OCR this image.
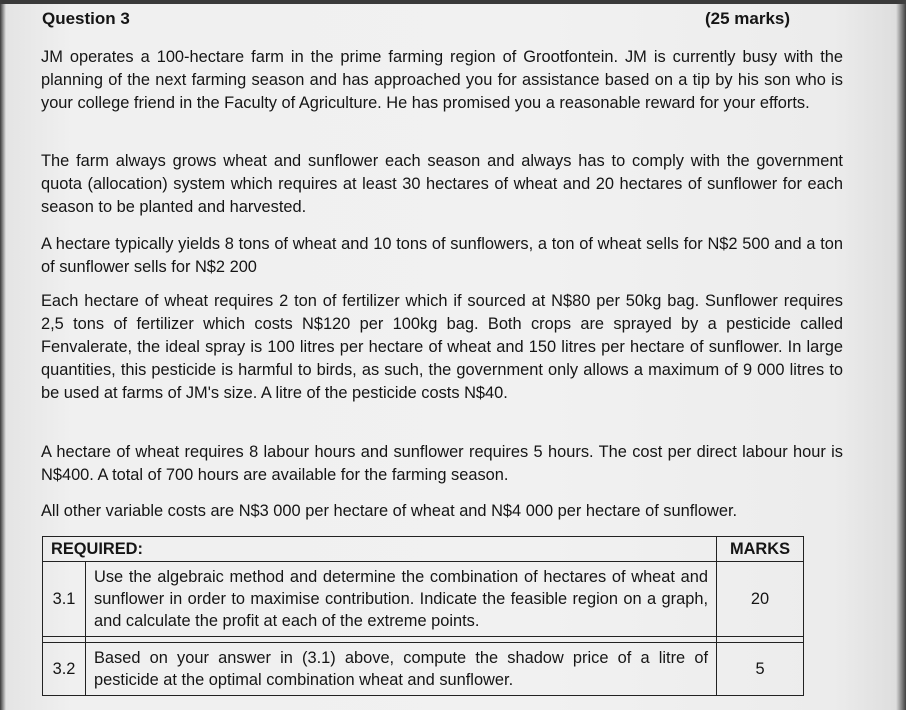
Question 3	(25 marks)

JM operates a 100-hectare farm in the prime farming region of Grootfontein. JM is currently busy with the planning of the next farming season and has approached you for assistance based on a tip by his son who is your college friend in the Faculty of Agriculture. He has promised you a reasonable reward for your efforts.

The farm always grows wheat and sunflower each season and always has to comply with the government quota (allocation) system which requires at least 30 hectares of wheat and 20 hectares of sunflower for each season to be planted and harvested.

A hectare typically yields 8 tons of wheat and 10 tons of sunflowers, a ton of wheat sells for N$2 500 and a ton of sunflower sells for N$2 200

Each hectare of wheat requires 2 ton of fertilizer which if sourced at N$80 per 50kg bag. Sunflower requires 2,5 tons of fertilizer which costs N$120 per 100kg bag. Both crops are sprayed by a pesticide called Fenvalerate, the ideal spray is 100 litres per hectare of wheat and 150 litres per hectare of sunflower. In large quantities, this pesticide is harmful to birds, as such, the government only allows a maximum of 9 000 litres to be used at farms of JM's size. A litre of the pesticide costs N$40.

A hectare of wheat requires 8 labour hours and sunflower requires 5 hours. The cost per direct labour hour is N$400. A total of 700 hours are available for the farming season.

All other variable costs are N$3 000 per hectare of wheat and N$4 000 per hectare of sunflower.

REQUIRED:		MARKS
3.1	Use the algebraic method and determine the combination of hectares of wheat and sunflower in order to maximise contribution. Indicate the feasible region on a graph, and calculate the profit at each of the extreme points.	20

3.2	Based on your answer in (3.1) above, compute the shadow price of a litre of pesticide at the optimal combination wheat and sunflower.	5
